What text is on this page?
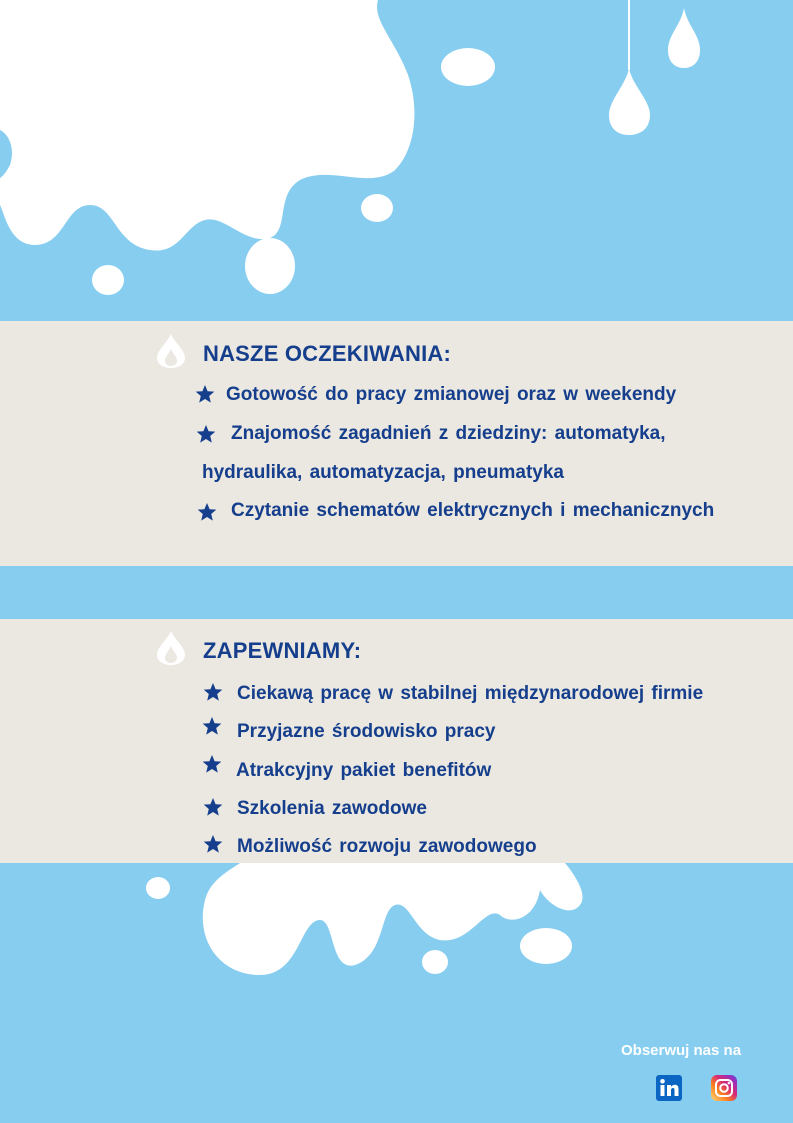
NASZE OCZEKIWANIA:
Gotowość do pracy zmianowej oraz w weekendy
Znajomość zagadnień z dziedziny: automatyka,
hydraulika, automatyzacja, pneumatyka
Czytanie schematów elektrycznych i mechanicznych
ZAPEWNIAMY:
Ciekawą pracę w stabilnej międzynarodowej firmie
Przyjazne środowisko pracy
Atrakcyjny pakiet benefitów
Szkolenia zawodowe
Możliwość rozwoju zawodowego
Obserwuj nas na
